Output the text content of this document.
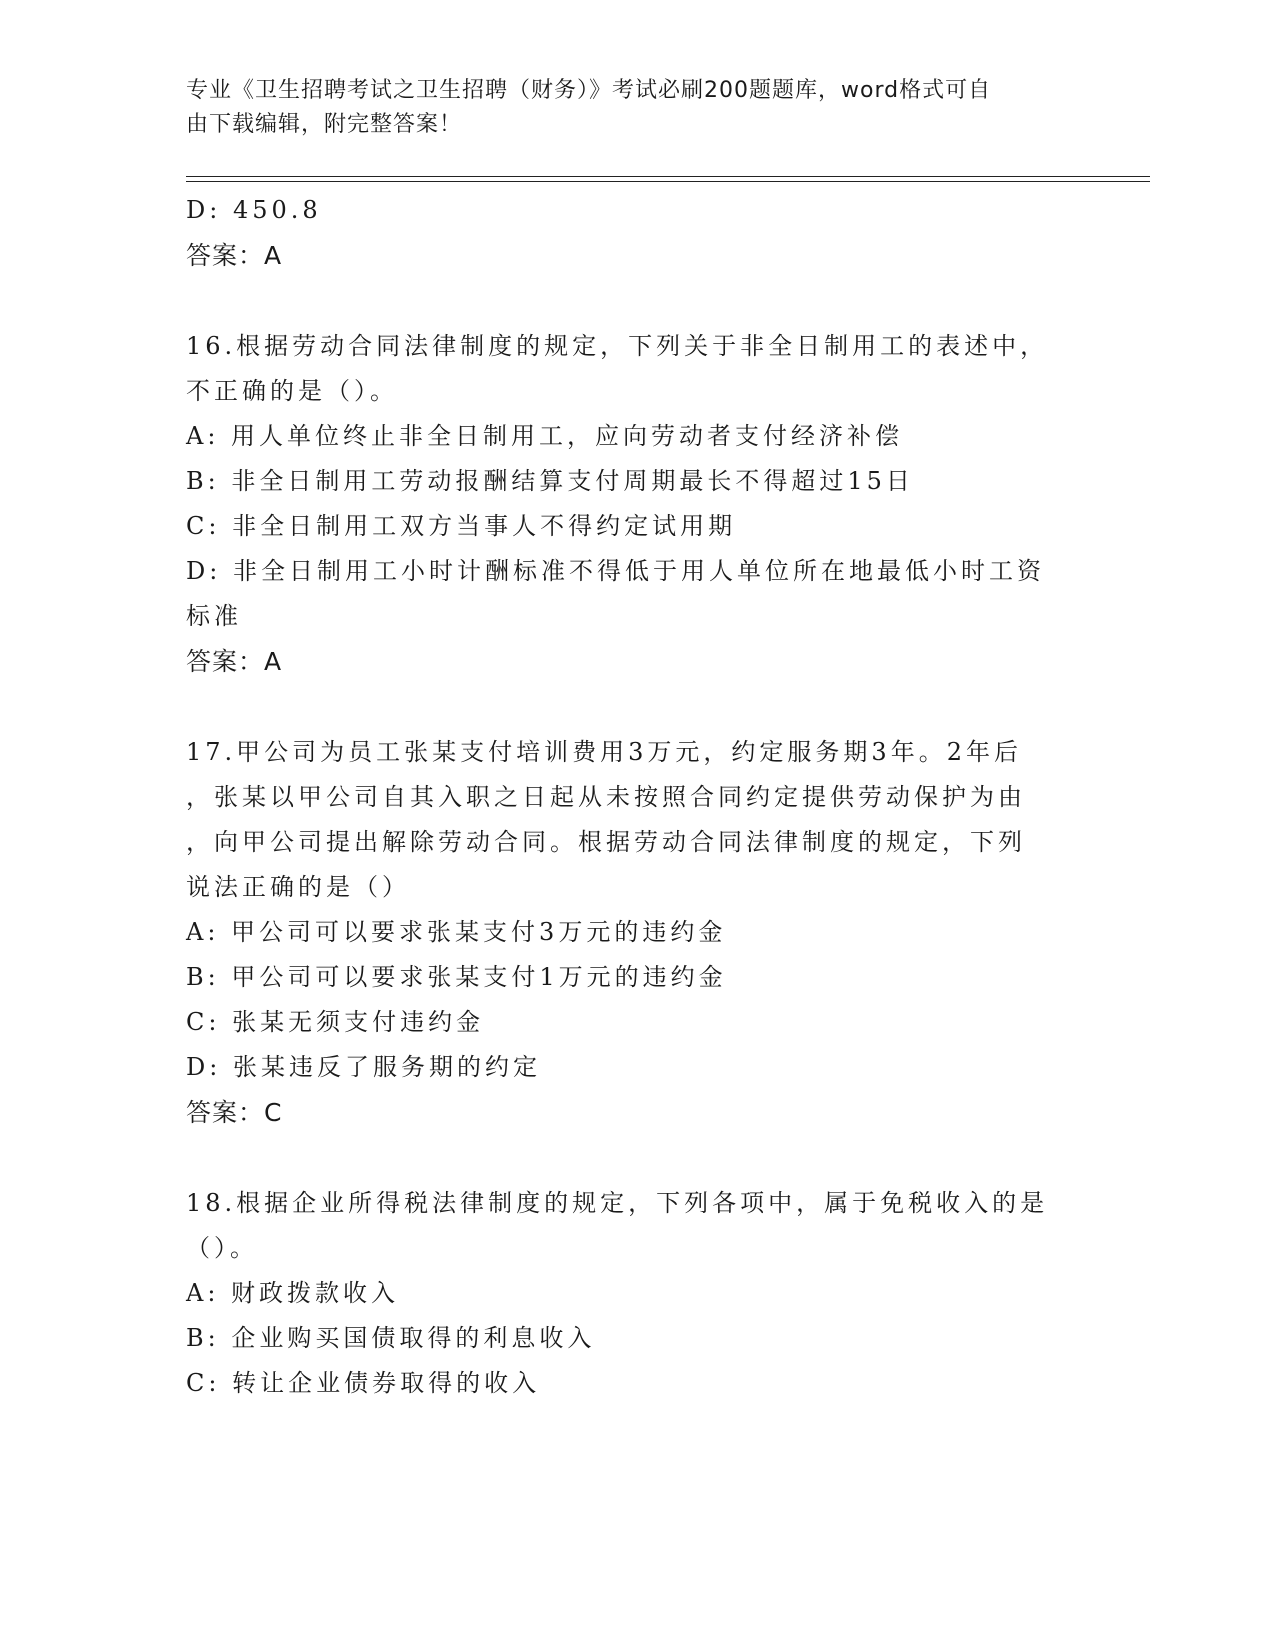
专业《卫生招聘考试之卫生招聘（财务）》考试必刷200题题库，word格式可自
由下载编辑，附完整答案！
D: 450.8
答案：A
16.根据劳动合同法律制度的规定，下列关于非全日制用工的表述中，
不正确的是（）。
A: 用人单位终止非全日制用工，应向劳动者支付经济补偿
B: 非全日制用工劳动报酬结算支付周期最长不得超过15日
C: 非全日制用工双方当事人不得约定试用期
D: 非全日制用工小时计酬标准不得低于用人单位所在地最低小时工资
标准
答案：A
17.甲公司为员工张某支付培训费用3万元，约定服务期3年。2年后
，张某以甲公司自其入职之日起从未按照合同约定提供劳动保护为由
，向甲公司提出解除劳动合同。根据劳动合同法律制度的规定，下列
说法正确的是（）
A: 甲公司可以要求张某支付3万元的违约金
B: 甲公司可以要求张某支付1万元的违约金
C: 张某无须支付违约金
D: 张某违反了服务期的约定
答案：C
18.根据企业所得税法律制度的规定，下列各项中，属于免税收入的是
（）。
A: 财政拨款收入
B: 企业购买国债取得的利息收入
C: 转让企业债券取得的收入
